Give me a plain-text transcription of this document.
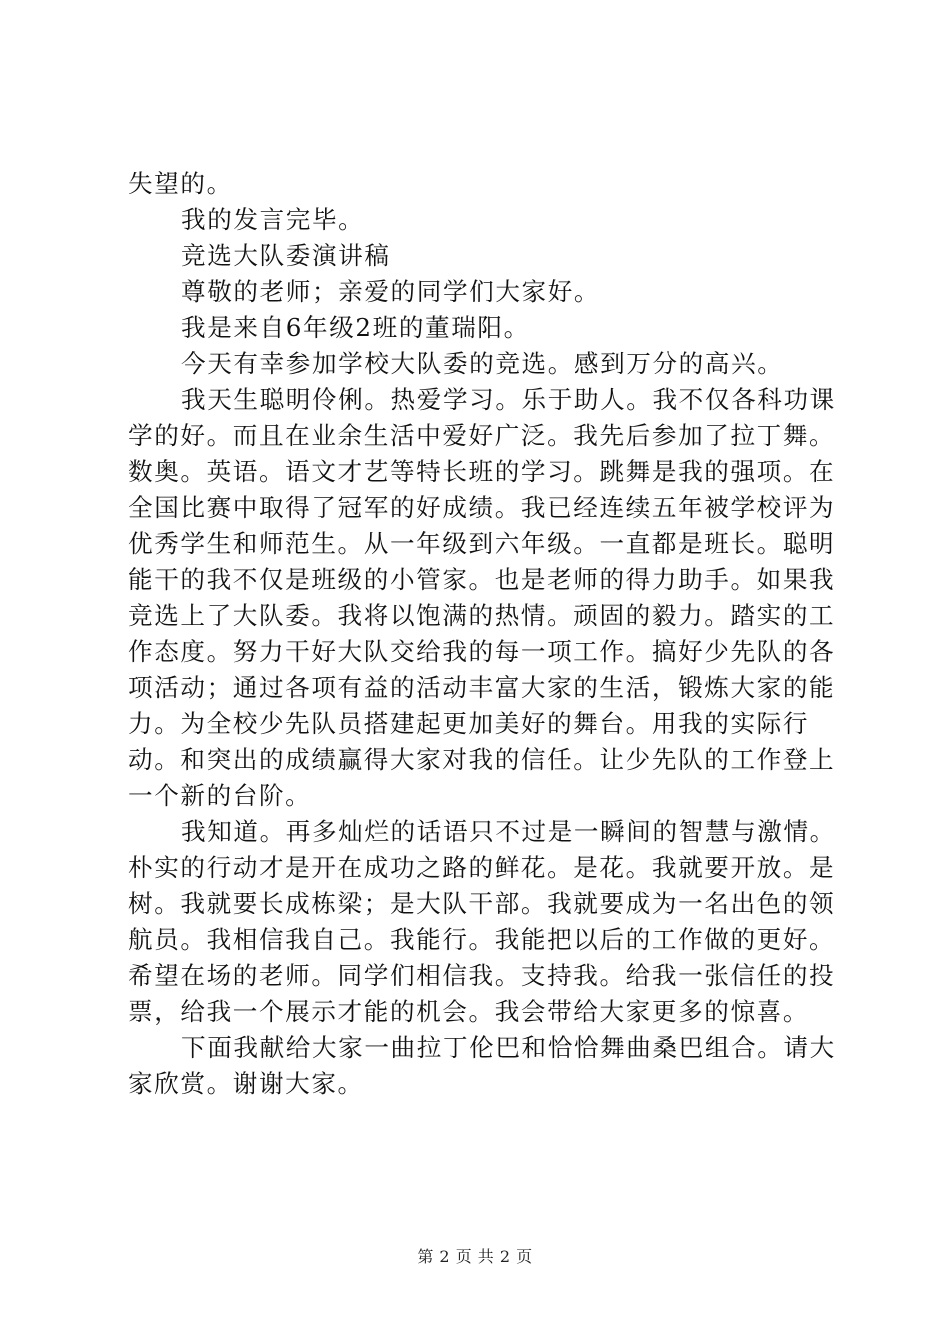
失望的。

我的发言完毕。

竞选大队委演讲稿

尊敬的老师；亲爱的同学们大家好。

我是来自6年级2班的董瑞阳。

今天有幸参加学校大队委的竞选。感到万分的高兴。

我天生聪明伶俐。热爱学习。乐于助人。我不仅各科功课学的好。而且在业余生活中爱好广泛。我先后参加了拉丁舞。数奥。英语。语文才艺等特长班的学习。跳舞是我的强项。在全国比赛中取得了冠军的好成绩。我已经连续五年被学校评为优秀学生和师范生。从一年级到六年级。一直都是班长。聪明能干的我不仅是班级的小管家。也是老师的得力助手。如果我竞选上了大队委。我将以饱满的热情。顽固的毅力。踏实的工作态度。努力干好大队交给我的每一项工作。搞好少先队的各项活动；通过各项有益的活动丰富大家的生活，锻炼大家的能力。为全校少先队员搭建起更加美好的舞台。用我的实际行动。和突出的成绩赢得大家对我的信任。让少先队的工作登上一个新的台阶。

我知道。再多灿烂的话语只不过是一瞬间的智慧与激情。朴实的行动才是开在成功之路的鲜花。是花。我就要开放。是树。我就要长成栋梁；是大队干部。我就要成为一名出色的领航员。我相信我自己。我能行。我能把以后的工作做的更好。希望在场的老师。同学们相信我。支持我。给我一张信任的投票，给我一个展示才能的机会。我会带给大家更多的惊喜。

下面我献给大家一曲拉丁伦巴和恰恰舞曲桑巴组合。请大家欣赏。谢谢大家。

第 2 页 共 2 页
